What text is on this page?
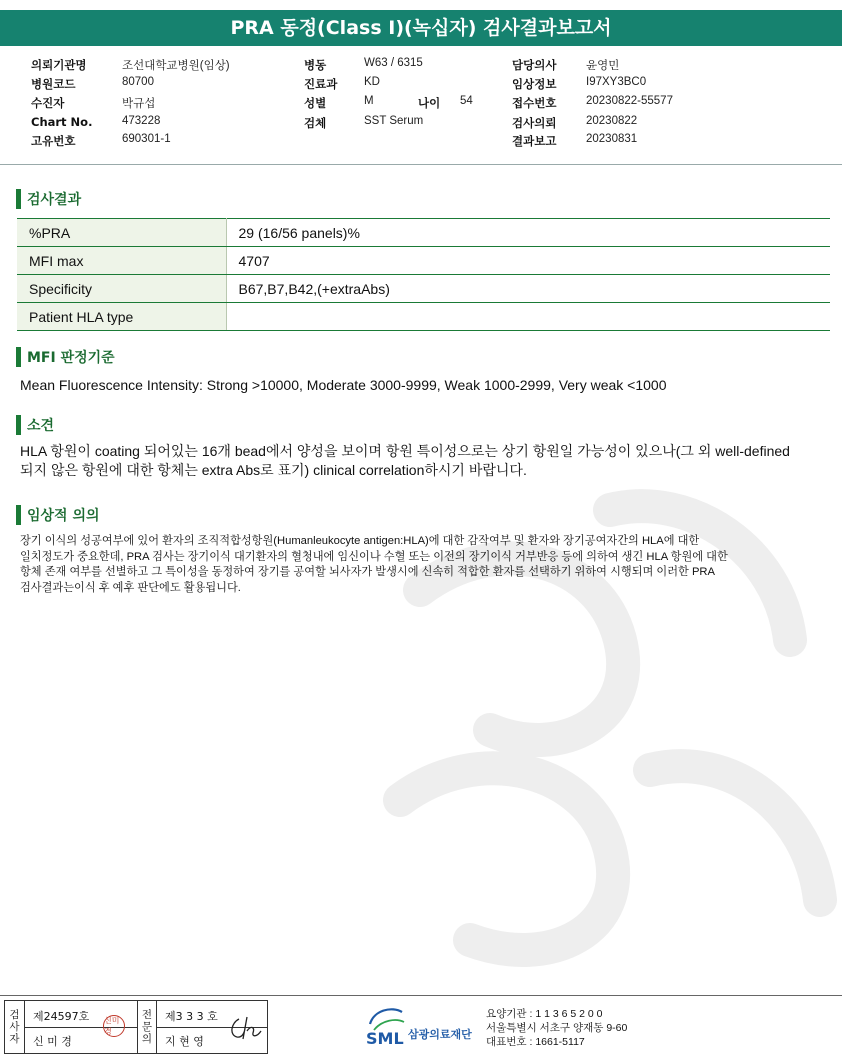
PRA 동정(Class I)(녹십자) 검사결과보고서
의뢰기관명	조선대학교병원(임상)	병동	W63 / 6315	담당의사	윤영민
병원코드	80700	진료과 KD	임상정보	I97XY3BC0
수진자	박규섭	성별	M	나이 54	접수번호	20230822-55577
Chart No.	473228	검체	SST Serum	검사의뢰	20230822
고유번호	690301-1	결과보고	20230831
검사결과
%PRA	29 (16/56 panels)%
MFI max	4707
Specificity	B67,B7,B42,(+extraAbs)
Patient HLA type	
MFI 판정기준
Mean Fluorescence Intensity: Strong >10000, Moderate 3000-9999, Weak 1000-2999, Very weak <1000
소견
HLA 항원이 coating 되어있는 16개 bead에서 양성을 보이며 항원 특이성으로는 상기 항원일 가능성이 있으나(그 외 well-defined
되지 않은 항원에 대한 항체는 extra Abs로 표기) clinical correlation하시기 바랍니다.
임상적 의의
장기 이식의 성공여부에 있어 환자의 조직적합성항원(Humanleukocyte antigen:HLA)에 대한 감작여부 및 환자와 장기공여자간의 HLA에 대한
일치정도가 중요한데, PRA 검사는 장기이식 대기환자의 혈청내에 임신이나 수혈 또는 이전의 장기이식 거부반응 등에 의하여 생긴 HLA 항원에 대한
항체 존재 여부를 선별하고 그 특이성을 동정하여 장기를 공여할 뇌사자가 발생시에 신속히 적합한 환자를 선택하기 위하여 시행되며 이러한 PRA
검사결과는이식 후 예후 판단에도 활용됩니다.
검
사
자
제24597호
신 미 경
신미경
전
문
의
제3 3 3 호
지 현 영	SML 삼광의료재단
요양기관 : 1 1 3 6 5 2 0 0
서울특별시 서초구 양재동 9-60
대표번호 : 1661-5117
